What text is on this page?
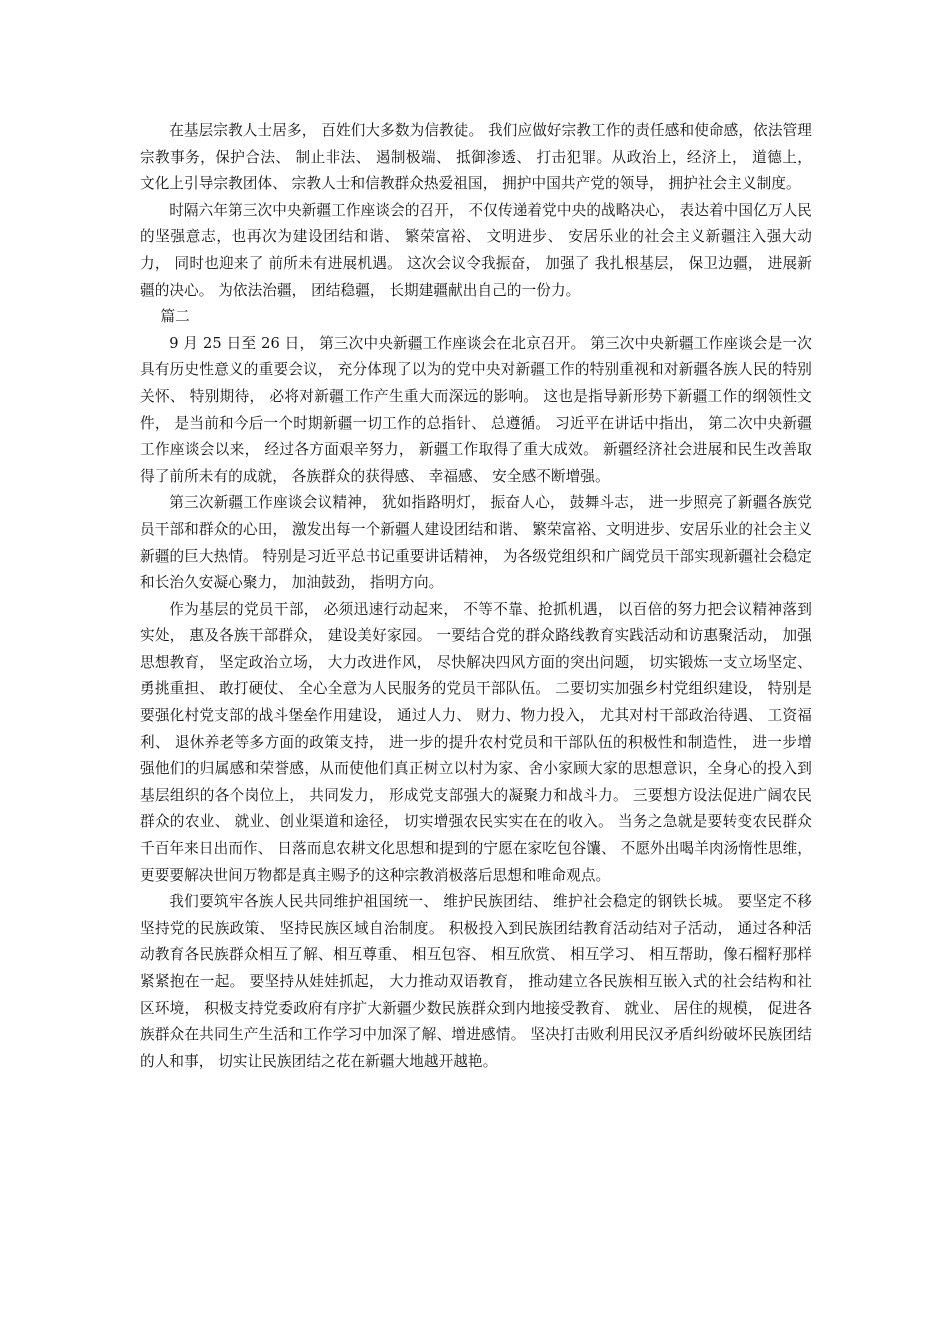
在基层宗教人士居多， 百姓们大多数为信教徒。 我们应做好宗教工作的责任感和使命感，依法管理宗教事务，保护合法、 制止非法、 遏制极端、 抵御渗透、 打击犯罪。从政治上，经济上， 道德上， 文化上引导宗教团体、 宗教人士和信教群众热爱祖国， 拥护中国共产党的领导， 拥护社会主义制度。

时隔六年第三次中央新疆工作座谈会的召开， 不仅传递着党中央的战略决心， 表达着中国亿万人民的坚强意志，也再次为建设团结和谐、 繁荣富裕、 文明进步、 安居乐业的社会主义新疆注入强大动力， 同时也迎来了 前所未有进展机遇。 这次会议令我振奋， 加强了 我扎根基层， 保卫边疆， 进展新疆的决心。 为依法治疆， 团结稳疆， 长期建疆献出自己的一份力。

篇二

9 月 25 日至 26 日， 第三次中央新疆工作座谈会在北京召开。 第三次中央新疆工作座谈会是一次具有历史性意义的重要会议， 充分体现了以为的党中央对新疆工作的特别重视和对新疆各族人民的特别关怀、 特别期待， 必将对新疆工作产生重大而深远的影响。 这也是指导新形势下新疆工作的纲领性文件， 是当前和今后一个时期新疆一切工作的总指针、 总遵循。 习近平在讲话中指出， 第二次中央新疆工作座谈会以来， 经过各方面艰辛努力， 新疆工作取得了重大成效。 新疆经济社会进展和民生改善取得了前所未有的成就， 各族群众的获得感、 幸福感、 安全感不断增强。

第三次新疆工作座谈会议精神， 犹如指路明灯， 振奋人心， 鼓舞斗志， 进一步照亮了新疆各族党员干部和群众的心田， 激发出每一个新疆人建设团结和谐、 繁荣富裕、文明进步、安居乐业的社会主义新疆的巨大热情。 特别是习近平总书记重要讲话精神， 为各级党组织和广阔党员干部实现新疆社会稳定和长治久安凝心聚力， 加油鼓劲， 指明方向。

作为基层的党员干部， 必须迅速行动起来， 不等不靠、抢抓机遇， 以百倍的努力把会议精神落到实处， 惠及各族干部群众， 建设美好家园。 一要结合党的群众路线教育实践活动和访惠聚活动， 加强思想教育， 坚定政治立场， 大力改进作风， 尽快解决四风方面的突出问题， 切实锻炼一支立场坚定、 勇挑重担、 敢打硬仗、 全心全意为人民服务的党员干部队伍。 二要切实加强乡村党组织建设， 特别是要强化村党支部的战斗堡垒作用建设， 通过人力、 财力、物力投入， 尤其对村干部政治待遇、 工资福利、 退休养老等多方面的政策支持， 进一步的提升农村党员和干部队伍的积极性和制造性， 进一步增强他们的归属感和荣誉感，从而使他们真正树立以村为家、舍小家顾大家的思想意识，全身心的投入到基层组织的各个岗位上， 共同发力， 形成党支部强大的凝聚力和战斗力。 三要想方设法促进广阔农民群众的农业、 就业、创业渠道和途径， 切实增强农民实实在在的收入。 当务之急就是要转变农民群众千百年来日出而作、 日落而息农耕文化思想和提到的宁愿在家吃包谷馕、 不愿外出喝羊肉汤惰性思维，更要要解决世间万物都是真主赐予的这种宗教消极落后思想和唯命观点。

我们要筑牢各族人民共同维护祖国统一、 维护民族团结、 维护社会稳定的钢铁长城。 要坚定不移坚持党的民族政策、 坚持民族区域自治制度。 积极投入到民族团结教育活动结对子活动， 通过各种活动教育各民族群众相互了解、相互尊重、 相互包容、 相互欣赏、 相互学习、 相互帮助，像石榴籽那样紧紧抱在一起。 要坚持从娃娃抓起， 大力推动双语教育， 推动建立各民族相互嵌入式的社会结构和社区环境， 积极支持党委政府有序扩大新疆少数民族群众到内地接受教育、 就业、 居住的规模， 促进各族群众在共同生产生活和工作学习中加深了解、增进感情。 坚决打击败利用民汉矛盾纠纷破坏民族团结的人和事， 切实让民族团结之花在新疆大地越开越艳。
